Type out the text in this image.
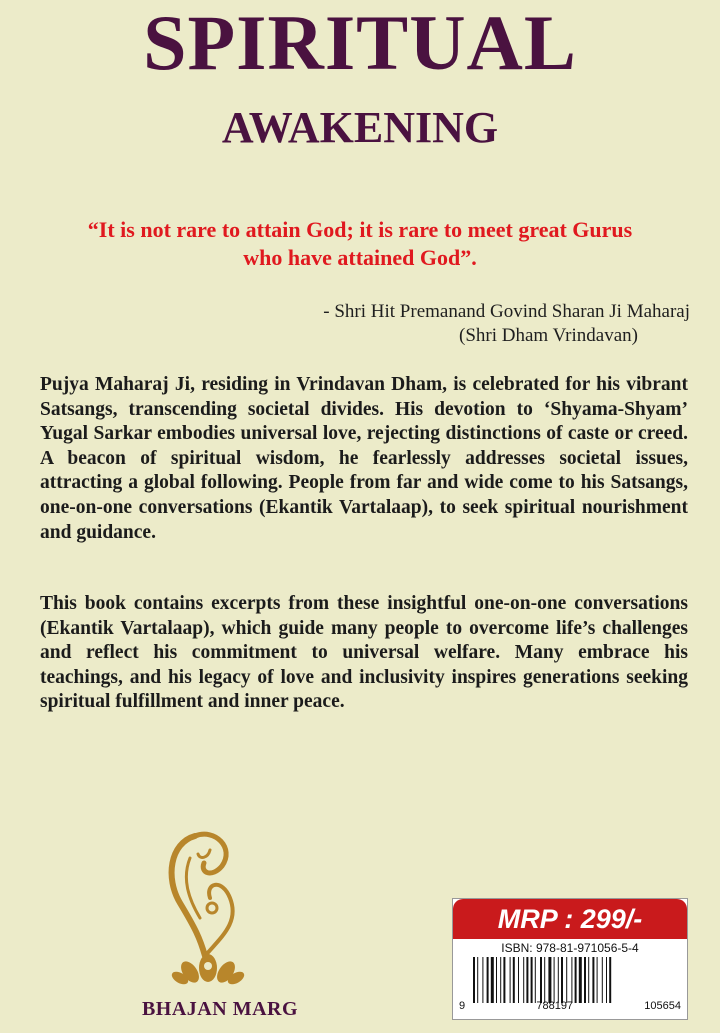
SPIRITUAL
AWAKENING
“It is not rare to attain God; it is rare to meet great Gurus
who have attained God”.
- Shri Hit Premanand Govind Sharan Ji Maharaj
(Shri Dham Vrindavan)

Pujya Maharaj Ji, residing in Vrindavan Dham, is celebrated for his vibrant Satsangs, transcending societal divides. His devotion to ‘Shyama-Shyam’ Yugal Sarkar embodies universal love, rejecting distinctions of caste or creed. A beacon of spiritual wisdom, he fearlessly addresses societal issues, attracting a global following. People from far and wide come to his Satsangs, one-on-one conversations (Ekantik Vartalaap), to seek spiritual nourishment and guidance.

This book contains excerpts from these insightful one-on-one conversations (Ekantik Vartalaap), which guide many people to overcome life’s challenges and reflect his commitment to universal welfare. Many embrace his teachings, and his legacy of love and inclusivity inspires generations seeking spiritual fulfillment and inner peace.

BHAJAN MARG
MRP : 299/-
ISBN: 978-81-971056-5-4
9	788197	105654
